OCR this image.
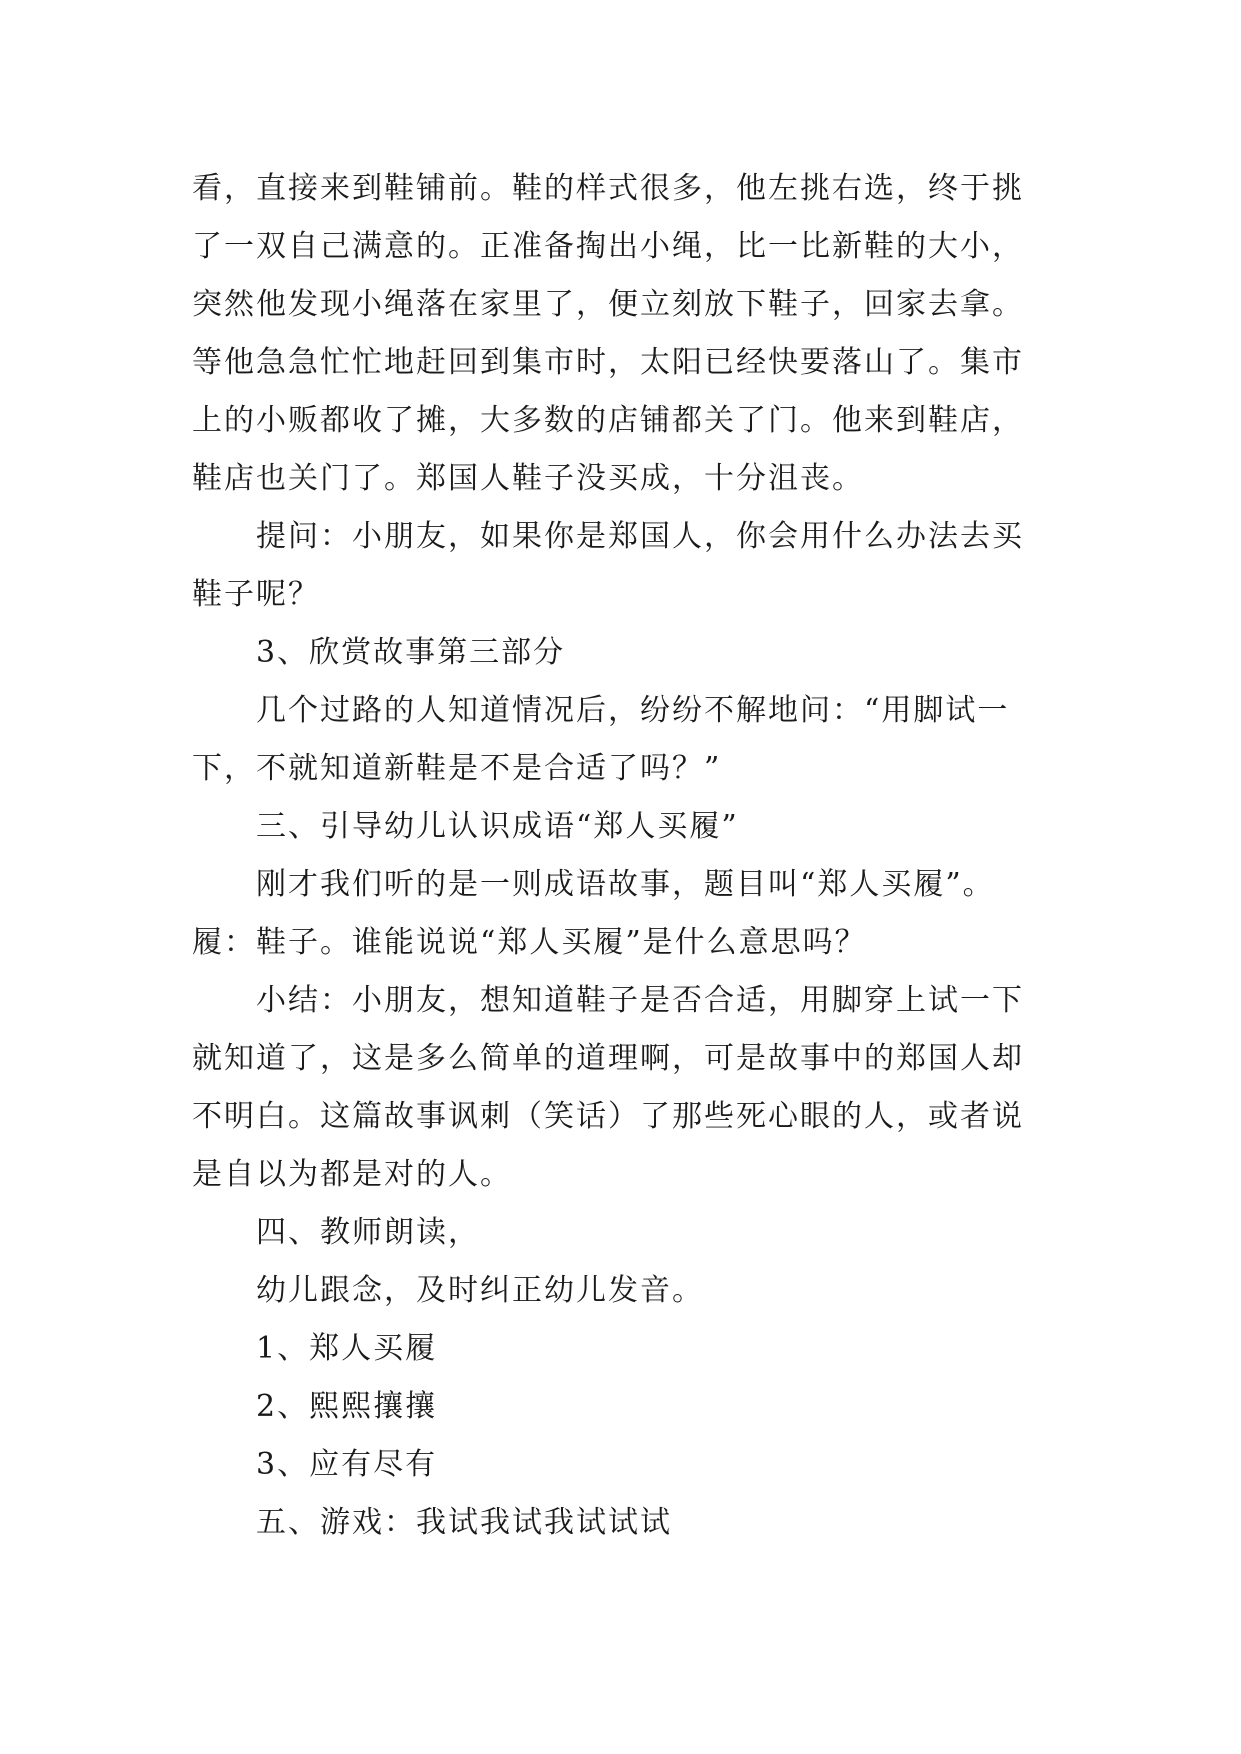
看，直接来到鞋铺前。鞋的样式很多，他左挑右选，终于挑
了一双自己满意的。正准备掏出小绳，比一比新鞋的大小，
突然他发现小绳落在家里了，便立刻放下鞋子，回家去拿。
等他急急忙忙地赶回到集市时，太阳已经快要落山了。集市
上的小贩都收了摊，大多数的店铺都关了门。他来到鞋店，
鞋店也关门了。郑国人鞋子没买成，十分沮丧。
提问：小朋友，如果你是郑国人，你会用什么办法去买
鞋子呢？
3、欣赏故事第三部分
几个过路的人知道情况后，纷纷不解地问：“用脚试一
下，不就知道新鞋是不是合适了吗？”
三、引导幼儿认识成语“郑人买履”
刚才我们听的是一则成语故事，题目叫“郑人买履”。
履：鞋子。谁能说说“郑人买履”是什么意思吗？
小结：小朋友，想知道鞋子是否合适，用脚穿上试一下
就知道了，这是多么简单的道理啊，可是故事中的郑国人却
不明白。这篇故事讽刺（笑话）了那些死心眼的人，或者说
是自以为都是对的人。
四、教师朗读，
幼儿跟念，及时纠正幼儿发音。
1、郑人买履
2、熙熙攘攘
3、应有尽有
五、游戏：我试我试我试试试
